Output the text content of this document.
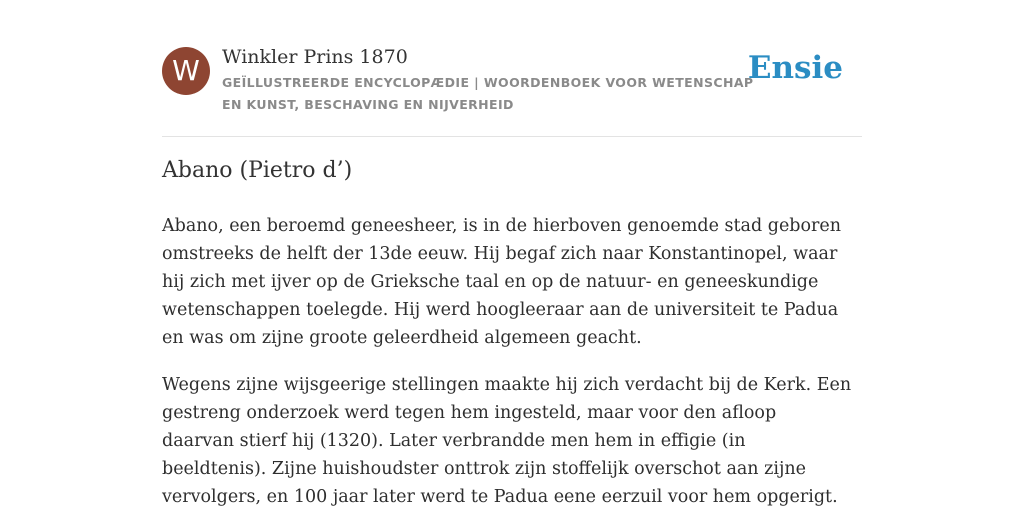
W	Winkler Prins 1870
GEÏLLUSTREERDE ENCYCLOPÆDIE | WOORDENBOEK VOOR WETENSCHAP EN KUNST, BESCHAVING EN NIJVERHEID
Ensie
Abano (Pietro d’)

Abano, een beroemd geneesheer, is in de hierboven genoemde stad geboren omstreeks de helft der 13de eeuw. Hij begaf zich naar Konstantinopel, waar hij zich met ijver op de Grieksche taal en op de natuur- en geneeskundige wetenschappen toelegde. Hij werd hoogleeraar aan de universiteit te Padua en was om zijne groote geleerdheid algemeen geacht.

Wegens zijne wijsgeerige stellingen maakte hij zich verdacht bij de Kerk. Een gestreng onderzoek werd tegen hem ingesteld, maar voor den afloop daarvan stierf hij (1320). Later verbrandde men hem in effigie (in beeldtenis). Zijne huishoudster onttrok zijn stoffelijk overschot aan zijne vervolgers, en 100 jaar later werd te Padua eene eerzuil voor hem opgerigt.
